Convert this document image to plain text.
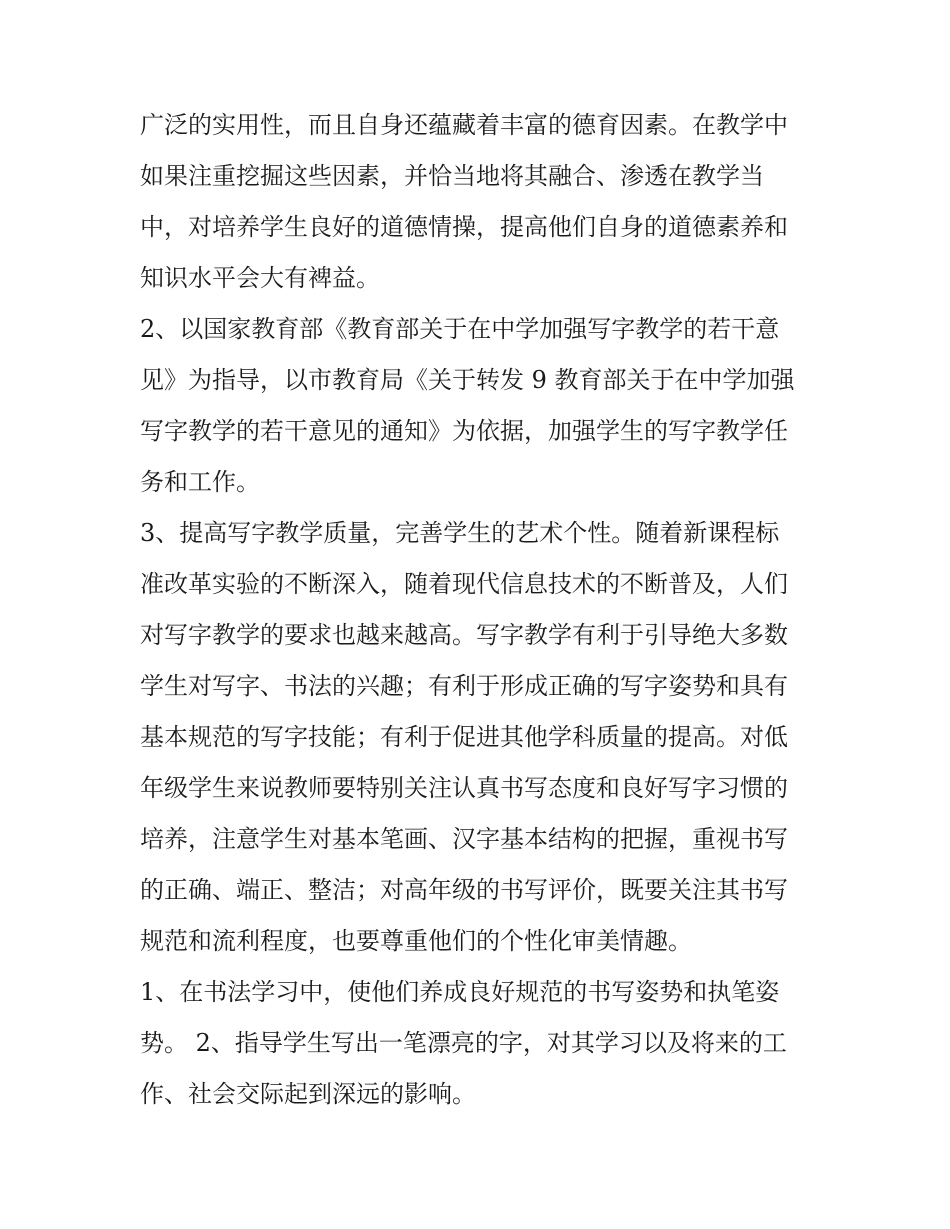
广泛的实用性，而且自身还蕴藏着丰富的德育因素。在教学中
如果注重挖掘这些因素，并恰当地将其融合、渗透在教学当
中，对培养学生良好的道德情操，提高他们自身的道德素养和
知识水平会大有裨益。
2、以国家教育部《教育部关于在中学加强写字教学的若干意
见》为指导，以市教育局《关于转发 9 教育部关于在中学加强
写字教学的若干意见的通知》为依据，加强学生的写字教学任
务和工作。
3、提高写字教学质量，完善学生的艺术个性。随着新课程标
准改革实验的不断深入，随着现代信息技术的不断普及，人们
对写字教学的要求也越来越高。写字教学有利于引导绝大多数
学生对写字、书法的兴趣；有利于形成正确的写字姿势和具有
基本规范的写字技能；有利于促进其他学科质量的提高。对低
年级学生来说教师要特别关注认真书写态度和良好写字习惯的
培养，注意学生对基本笔画、汉字基本结构的把握，重视书写
的正确、端正、整洁；对高年级的书写评价，既要关注其书写
规范和流利程度，也要尊重他们的个性化审美情趣。
1、在书法学习中，使他们养成良好规范的书写姿势和执笔姿
势。 2、指导学生写出一笔漂亮的字，对其学习以及将来的工
作、社会交际起到深远的影响。
